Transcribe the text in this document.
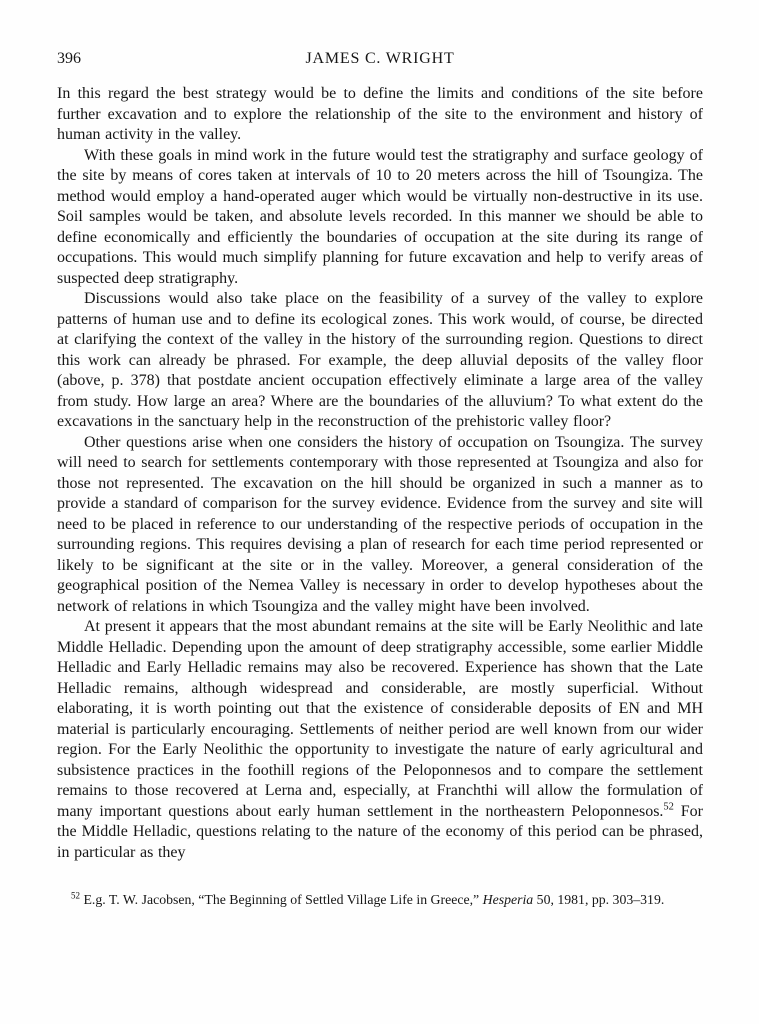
396	JAMES C. WRIGHT

In this regard the best strategy would be to define the limits and conditions of the site before further excavation and to explore the relationship of the site to the environment and history of human activity in the valley.

With these goals in mind work in the future would test the stratigraphy and surface geology of the site by means of cores taken at intervals of 10 to 20 meters across the hill of Tsoungiza. The method would employ a hand-operated auger which would be virtually non-destructive in its use. Soil samples would be taken, and absolute levels recorded. In this manner we should be able to define economically and efficiently the boundaries of occupation at the site during its range of occupations. This would much simplify planning for future excavation and help to verify areas of suspected deep stratigraphy.

Discussions would also take place on the feasibility of a survey of the valley to explore patterns of human use and to define its ecological zones. This work would, of course, be directed at clarifying the context of the valley in the history of the surrounding region. Questions to direct this work can already be phrased. For example, the deep alluvial deposits of the valley floor (above, p. 378) that postdate ancient occupation effectively eliminate a large area of the valley from study. How large an area? Where are the boundaries of the alluvium? To what extent do the excavations in the sanctuary help in the reconstruction of the prehistoric valley floor?

Other questions arise when one considers the history of occupation on Tsoungiza. The survey will need to search for settlements contemporary with those represented at Tsoungiza and also for those not represented. The excavation on the hill should be organized in such a manner as to provide a standard of comparison for the survey evidence. Evidence from the survey and site will need to be placed in reference to our understanding of the respective periods of occupation in the surrounding regions. This requires devising a plan of research for each time period represented or likely to be significant at the site or in the valley. Moreover, a general consideration of the geographical position of the Nemea Valley is necessary in order to develop hypotheses about the network of relations in which Tsoungiza and the valley might have been involved.

At present it appears that the most abundant remains at the site will be Early Neolithic and late Middle Helladic. Depending upon the amount of deep stratigraphy accessible, some earlier Middle Helladic and Early Helladic remains may also be recovered. Experience has shown that the Late Helladic remains, although widespread and considerable, are mostly superficial. Without elaborating, it is worth pointing out that the existence of considerable deposits of EN and MH material is particularly encouraging. Settlements of neither period are well known from our wider region. For the Early Neolithic the opportunity to investigate the nature of early agricultural and subsistence practices in the foothill regions of the Peloponnesos and to compare the settlement remains to those recovered at Lerna and, especially, at Franchthi will allow the formulation of many important questions about early human settlement in the northeastern Peloponnesos.$^{52}$ For the Middle Helladic, questions relating to the nature of the economy of this period can be phrased, in particular as they

$^{52}$ E.g. T. W. Jacobsen, “The Beginning of Settled Village Life in Greece,” Hesperia 50, 1981, pp. 303–319.
